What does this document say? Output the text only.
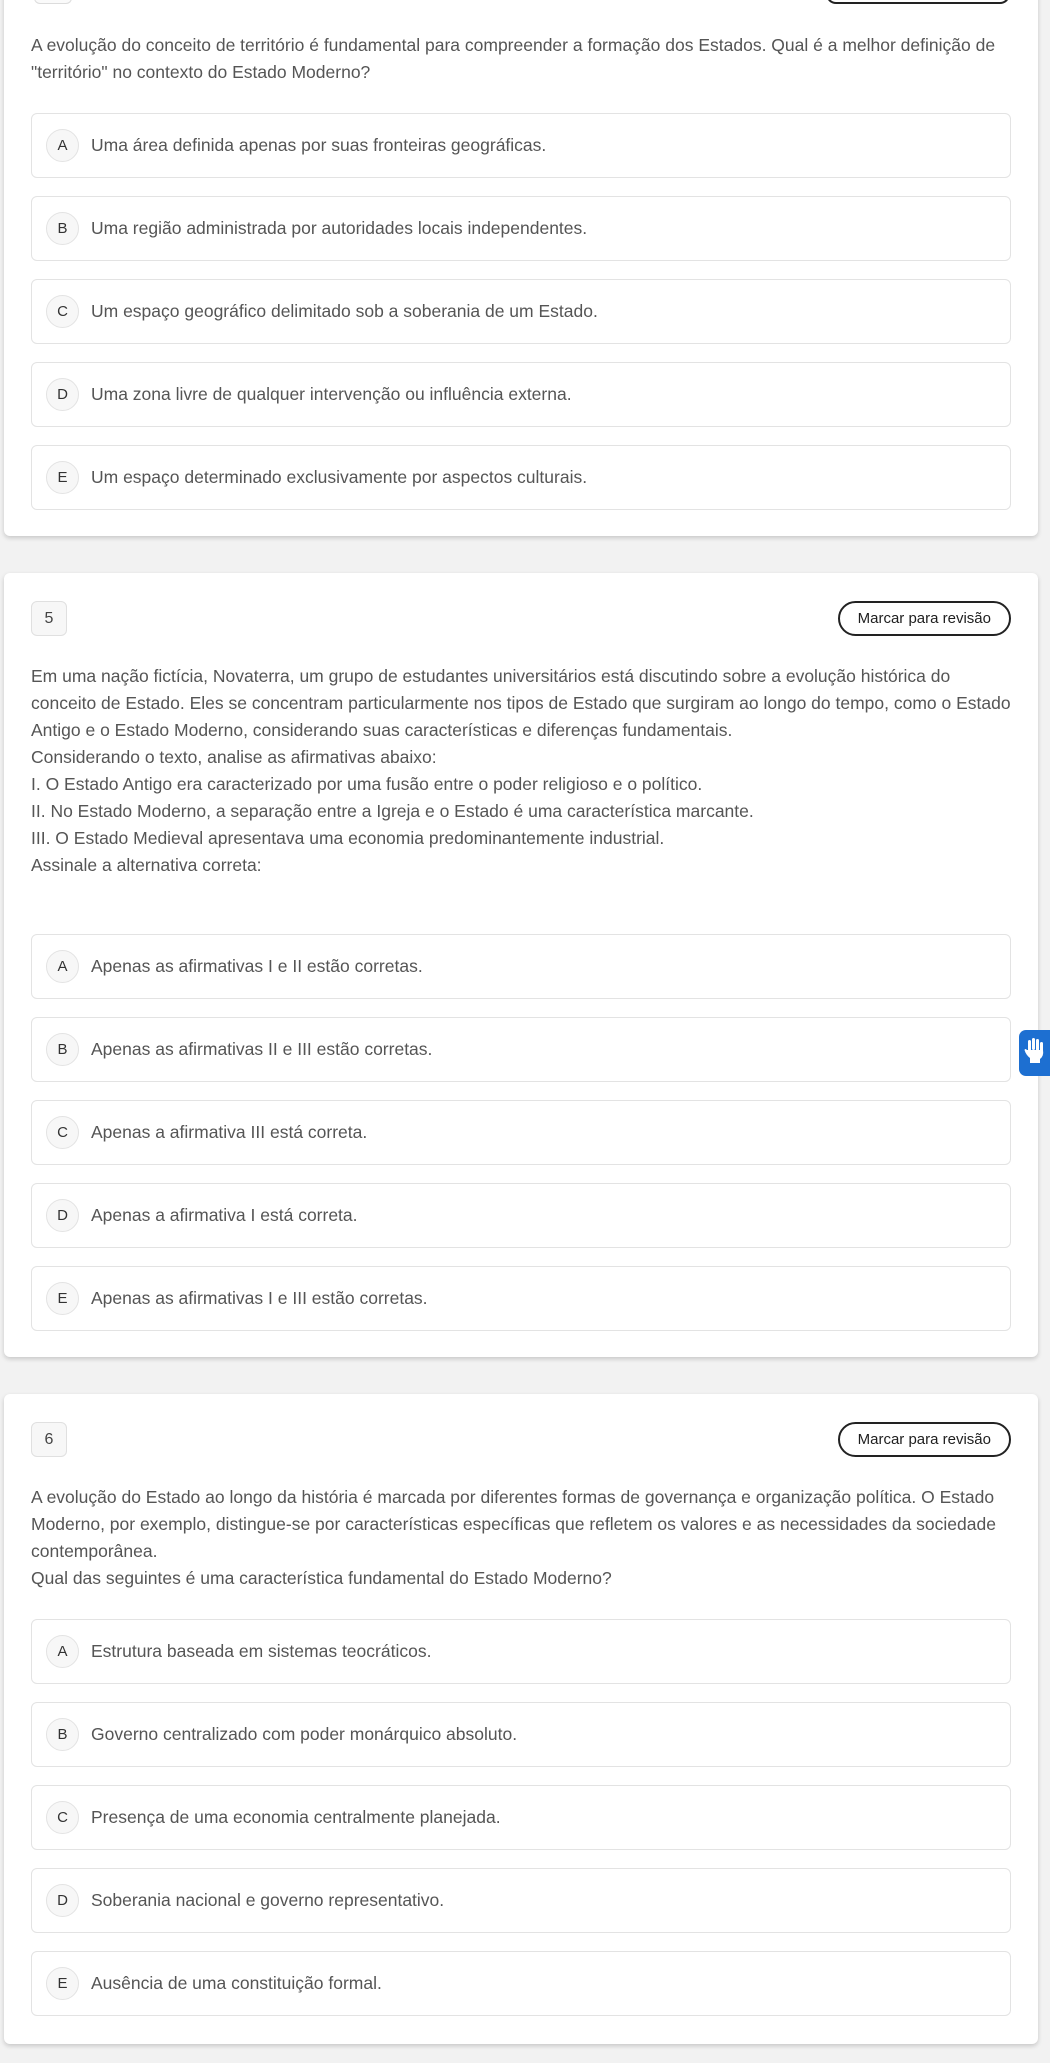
A evolução do conceito de território é fundamental para compreender a formação dos Estados. Qual é a melhor definição de "território" no contexto do Estado Moderno?

A	Uma área definida apenas por suas fronteiras geográficas.
B	Uma região administrada por autoridades locais independentes.
C	Um espaço geográfico delimitado sob a soberania de um Estado.
D	Uma zona livre de qualquer intervenção ou influência externa.
E	Um espaço determinado exclusivamente por aspectos culturais.
5	Marcar para revisão

Em uma nação fictícia, Novaterra, um grupo de estudantes universitários está discutindo sobre a evolução histórica do conceito de Estado. Eles se concentram particularmente nos tipos de Estado que surgiram ao longo do tempo, como o Estado Antigo e o Estado Moderno, considerando suas características e diferenças fundamentais.

Considerando o texto, analise as afirmativas abaixo:

I. O Estado Antigo era caracterizado por uma fusão entre o poder religioso e o político.

II. No Estado Moderno, a separação entre a Igreja e o Estado é uma característica marcante.

III. O Estado Medieval apresentava uma economia predominantemente industrial.

Assinale a alternativa correta:

A	Apenas as afirmativas I e II estão corretas.
B	Apenas as afirmativas II e III estão corretas.
C	Apenas a afirmativa III está correta.
D	Apenas a afirmativa I está correta.
E	Apenas as afirmativas I e III estão corretas.
6	Marcar para revisão

A evolução do Estado ao longo da história é marcada por diferentes formas de governança e organização política. O Estado Moderno, por exemplo, distingue-se por características específicas que refletem os valores e as necessidades da sociedade contemporânea.

Qual das seguintes é uma característica fundamental do Estado Moderno?

A	Estrutura baseada em sistemas teocráticos.
B	Governo centralizado com poder monárquico absoluto.
C	Presença de uma economia centralmente planejada.
D	Soberania nacional e governo representativo.
E	Ausência de uma constituição formal.
